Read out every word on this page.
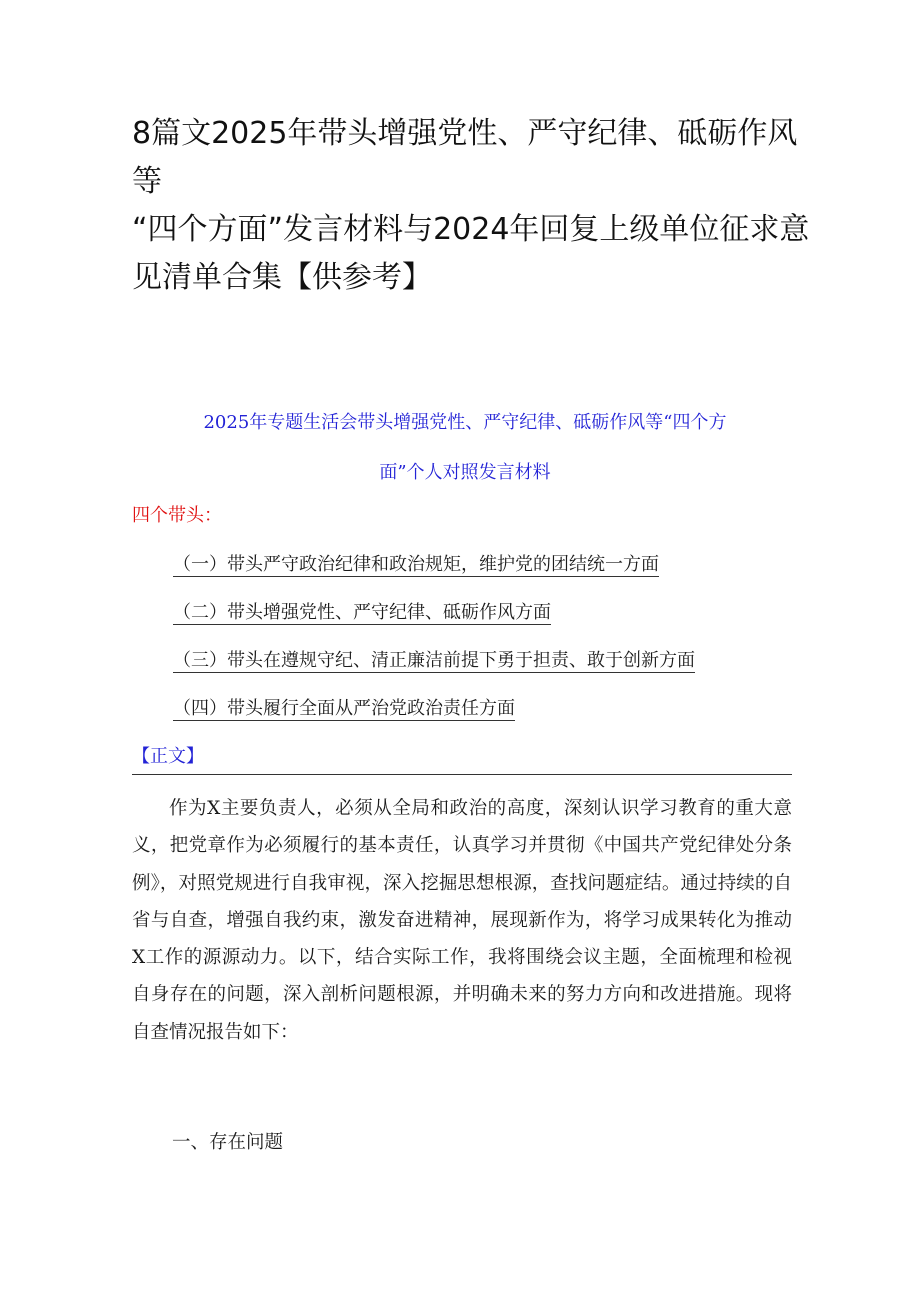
8篇文2025年带头增强党性、严守纪律、砥砺作风等
“四个方面”发言材料与2024年回复上级单位征求意
见清单合集【供参考】
2025年专题生活会带头增强党性、严守纪律、砥砺作风等“四个方
面”个人对照发言材料
四个带头：
（一）带头严守政治纪律和政治规矩，维护党的团结统一方面
（二）带头增强党性、严守纪律、砥砺作风方面
（三）带头在遵规守纪、清正廉洁前提下勇于担责、敢于创新方面
（四）带头履行全面从严治党政治责任方面
【正文】

作为X主要负责人，必须从全局和政治的高度，深刻认识学习教育的重大意义，把党章作为必须履行的基本责任，认真学习并贯彻《中国共产党纪律处分条例》，对照党规进行自我审视，深入挖掘思想根源，查找问题症结。通过持续的自省与自查，增强自我约束，激发奋进精神，展现新作为，将学习成果转化为推动X工作的源源动力。以下，结合实际工作，我将围绕会议主题，全面梳理和检视自身存在的问题，深入剖析问题根源，并明确未来的努力方向和改进措施。现将自查情况报告如下：

一、存在问题
